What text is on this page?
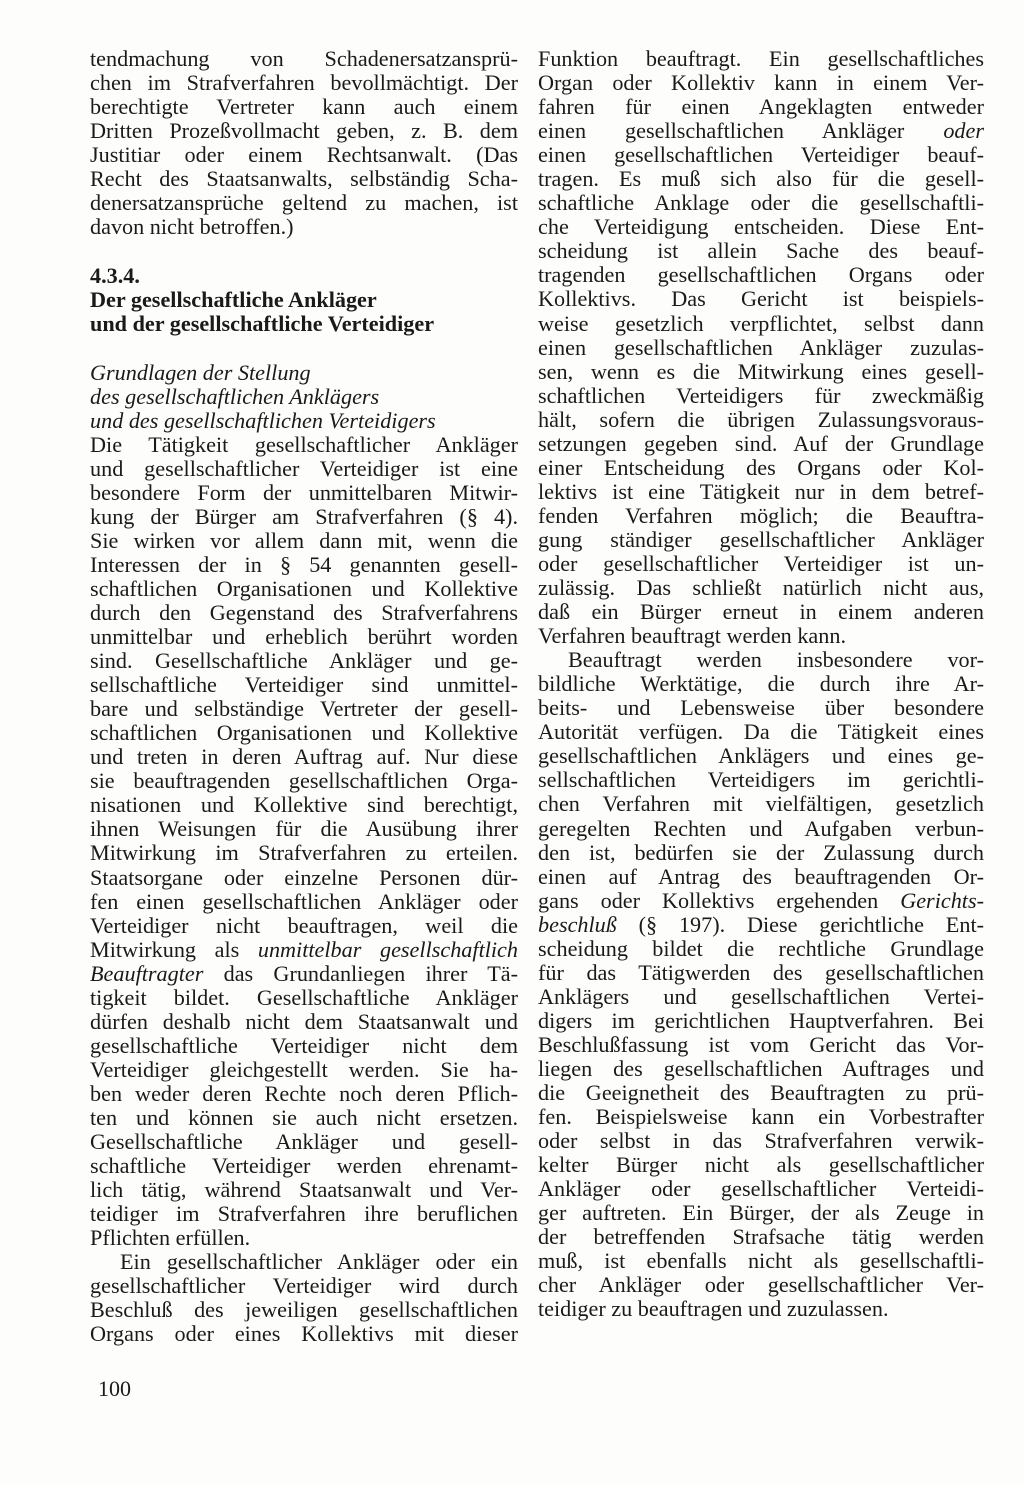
tendmachung von Schadenersatzansprü-
chen im Strafverfahren bevollmächtigt. Der
berechtigte Vertreter kann auch einem
Dritten Prozeßvollmacht geben, z. B. dem
Justitiar oder einem Rechtsanwalt. (Das
Recht des Staatsanwalts, selbständig Scha-
denersatzansprüche geltend zu machen, ist
davon nicht betroffen.)

4.3.4.
Der gesellschaftliche Ankläger
und der gesellschaftliche Verteidiger
Grundlagen der Stellung
des gesellschaftlichen Anklägers
und des gesellschaftlichen Verteidigers

Die Tätigkeit gesellschaftlicher Ankläger
und gesellschaftlicher Verteidiger ist eine
besondere Form der unmittelbaren Mitwir-
kung der Bürger am Strafverfahren (§ 4).
Sie wirken vor allem dann mit, wenn die
Interessen der in § 54 genannten gesell-
schaftlichen Organisationen und Kollektive
durch den Gegenstand des Strafverfahrens
unmittelbar und erheblich berührt worden
sind. Gesellschaftliche Ankläger und ge-
sellschaftliche Verteidiger sind unmittel-
bare und selbständige Vertreter der gesell-
schaftlichen Organisationen und Kollektive
und treten in deren Auftrag auf. Nur diese
sie beauftragenden gesellschaftlichen Orga-
nisationen und Kollektive sind berechtigt,
ihnen Weisungen für die Ausübung ihrer
Mitwirkung im Strafverfahren zu erteilen.
Staatsorgane oder einzelne Personen dür-
fen einen gesellschaftlichen Ankläger oder
Verteidiger nicht beauftragen, weil die
Mitwirkung als unmittelbar gesellschaftlich
Beauftragter das Grundanliegen ihrer Tä-
tigkeit bildet. Gesellschaftliche Ankläger
dürfen deshalb nicht dem Staatsanwalt und
gesellschaftliche Verteidiger nicht dem
Verteidiger gleichgestellt werden. Sie ha-
ben weder deren Rechte noch deren Pflich-
ten und können sie auch nicht ersetzen.
Gesellschaftliche Ankläger und gesell-
schaftliche Verteidiger werden ehrenamt-
lich tätig, während Staatsanwalt und Ver-
teidiger im Strafverfahren ihre beruflichen
Pflichten erfüllen.

Ein gesellschaftlicher Ankläger oder ein
gesellschaftlicher Verteidiger wird durch
Beschluß des jeweiligen gesellschaftlichen
Organs oder eines Kollektivs mit dieser

Funktion beauftragt. Ein gesellschaftliches
Organ oder Kollektiv kann in einem Ver-
fahren für einen Angeklagten entweder
einen gesellschaftlichen Ankläger oder
einen gesellschaftlichen Verteidiger beauf-
tragen. Es muß sich also für die gesell-
schaftliche Anklage oder die gesellschaftli-
che Verteidigung entscheiden. Diese Ent-
scheidung ist allein Sache des beauf-
tragenden gesellschaftlichen Organs oder
Kollektivs. Das Gericht ist beispiels-
weise gesetzlich verpflichtet, selbst dann
einen gesellschaftlichen Ankläger zuzulas-
sen, wenn es die Mitwirkung eines gesell-
schaftlichen Verteidigers für zweckmäßig
hält, sofern die übrigen Zulassungsvoraus-
setzungen gegeben sind. Auf der Grundlage
einer Entscheidung des Organs oder Kol-
lektivs ist eine Tätigkeit nur in dem betref-
fenden Verfahren möglich; die Beauftra-
gung ständiger gesellschaftlicher Ankläger
oder gesellschaftlicher Verteidiger ist un-
zulässig. Das schließt natürlich nicht aus,
daß ein Bürger erneut in einem anderen
Verfahren beauftragt werden kann.

Beauftragt werden insbesondere vor-
bildliche Werktätige, die durch ihre Ar-
beits- und Lebensweise über besondere
Autorität verfügen. Da die Tätigkeit eines
gesellschaftlichen Anklägers und eines ge-
sellschaftlichen Verteidigers im gerichtli-
chen Verfahren mit vielfältigen, gesetzlich
geregelten Rechten und Aufgaben verbun-
den ist, bedürfen sie der Zulassung durch
einen auf Antrag des beauftragenden Or-
gans oder Kollektivs ergehenden Gerichts-
beschluß (§ 197). Diese gerichtliche Ent-
scheidung bildet die rechtliche Grundlage
für das Tätigwerden des gesellschaftlichen
Anklägers und gesellschaftlichen Vertei-
digers im gerichtlichen Hauptverfahren. Bei
Beschlußfassung ist vom Gericht das Vor-
liegen des gesellschaftlichen Auftrages und
die Geeignetheit des Beauftragten zu prü-
fen. Beispielsweise kann ein Vorbestrafter
oder selbst in das Strafverfahren verwik-
kelter Bürger nicht als gesellschaftlicher
Ankläger oder gesellschaftlicher Verteidi-
ger auftreten. Ein Bürger, der als Zeuge in
der betreffenden Strafsache tätig werden
muß, ist ebenfalls nicht als gesellschaftli-
cher Ankläger oder gesellschaftlicher Ver-
teidiger zu beauftragen und zuzulassen.

100
